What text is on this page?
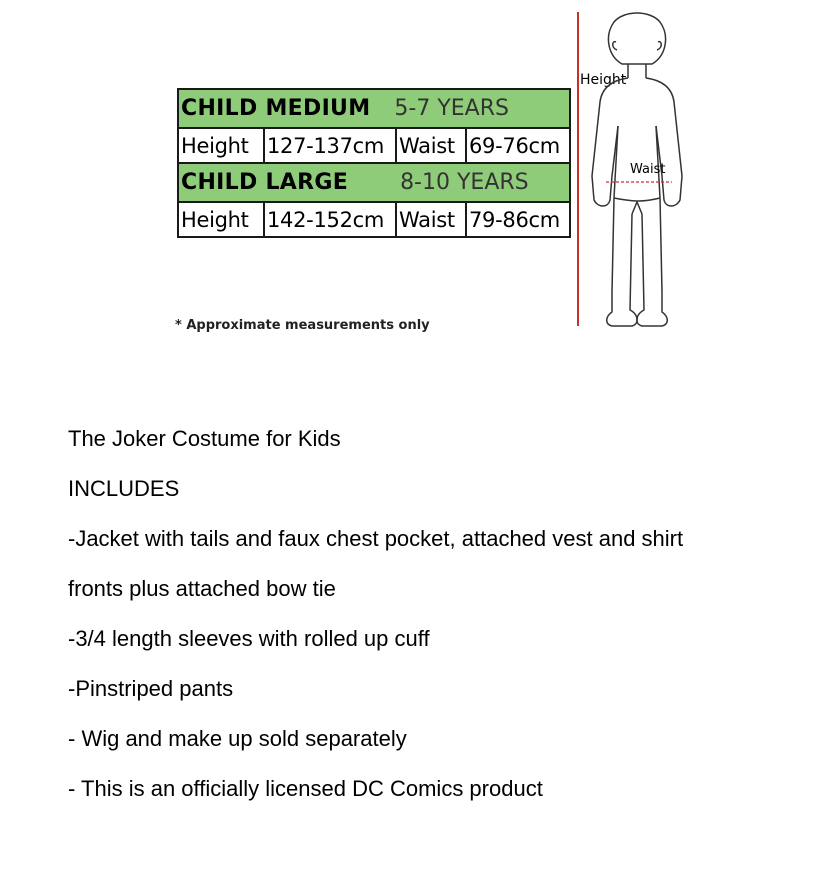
CHILD MEDIUM 5-7 YEARS			
Height	127-137cm	Waist	69-76cm
CHILD LARGE 8-10 YEARS			
Height	142-152cm	Waist	79-86cm
* Approximate measurements only
Height
Waist
The Joker Costume for Kids
INCLUDES
-Jacket with tails and faux chest pocket, attached vest and shirt
fronts plus attached bow tie
-3/4 length sleeves with rolled up cuff
-Pinstriped pants
- Wig and make up sold separately
- This is an officially licensed DC Comics product
